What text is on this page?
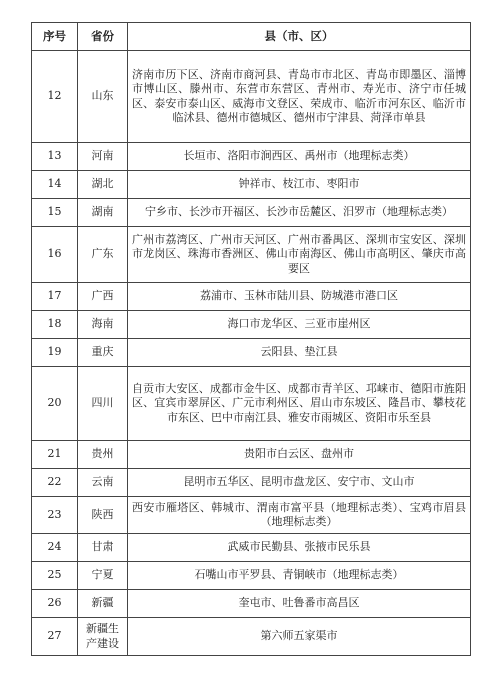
序号	省份	县（市、区）
12	山东	济南市历下区、济南市商河县、青岛市市北区、青岛市即墨区、淄博市博山区、滕州市、东营市东营区、青州市、寿光市、济宁市任城区、泰安市泰山区、威海市文登区、荣成市、临沂市河东区、临沂市临沭县、德州市德城区、德州市宁津县、菏泽市单县
13	河南	长垣市、洛阳市涧西区、禹州市（地理标志类）
14	湖北	钟祥市、枝江市、枣阳市
15	湖南	宁乡市、长沙市开福区、长沙市岳麓区、汨罗市（地理标志类）
16	广东	广州市荔湾区、广州市天河区、广州市番禺区、深圳市宝安区、深圳市龙岗区、珠海市香洲区、佛山市南海区、佛山市高明区、肇庆市高要区
17	广西	荔浦市、玉林市陆川县、防城港市港口区
18	海南	海口市龙华区、三亚市崖州区
19	重庆	云阳县、垫江县
20	四川	自贡市大安区、成都市金牛区、成都市青羊区、邛崃市、德阳市旌阳区、宜宾市翠屏区、广元市利州区、眉山市东坡区、隆昌市、攀枝花市东区、巴中市南江县、雅安市雨城区、资阳市乐至县
21	贵州	贵阳市白云区、盘州市
22	云南	昆明市五华区、昆明市盘龙区、安宁市、文山市
23	陕西	西安市雁塔区、韩城市、渭南市富平县（地理标志类）、宝鸡市眉县（地理标志类）
24	甘肃	武威市民勤县、张掖市民乐县
25	宁夏	石嘴山市平罗县、青铜峡市（地理标志类）
26	新疆	奎屯市、吐鲁番市高昌区
27	新疆生产建设	第六师五家渠市
